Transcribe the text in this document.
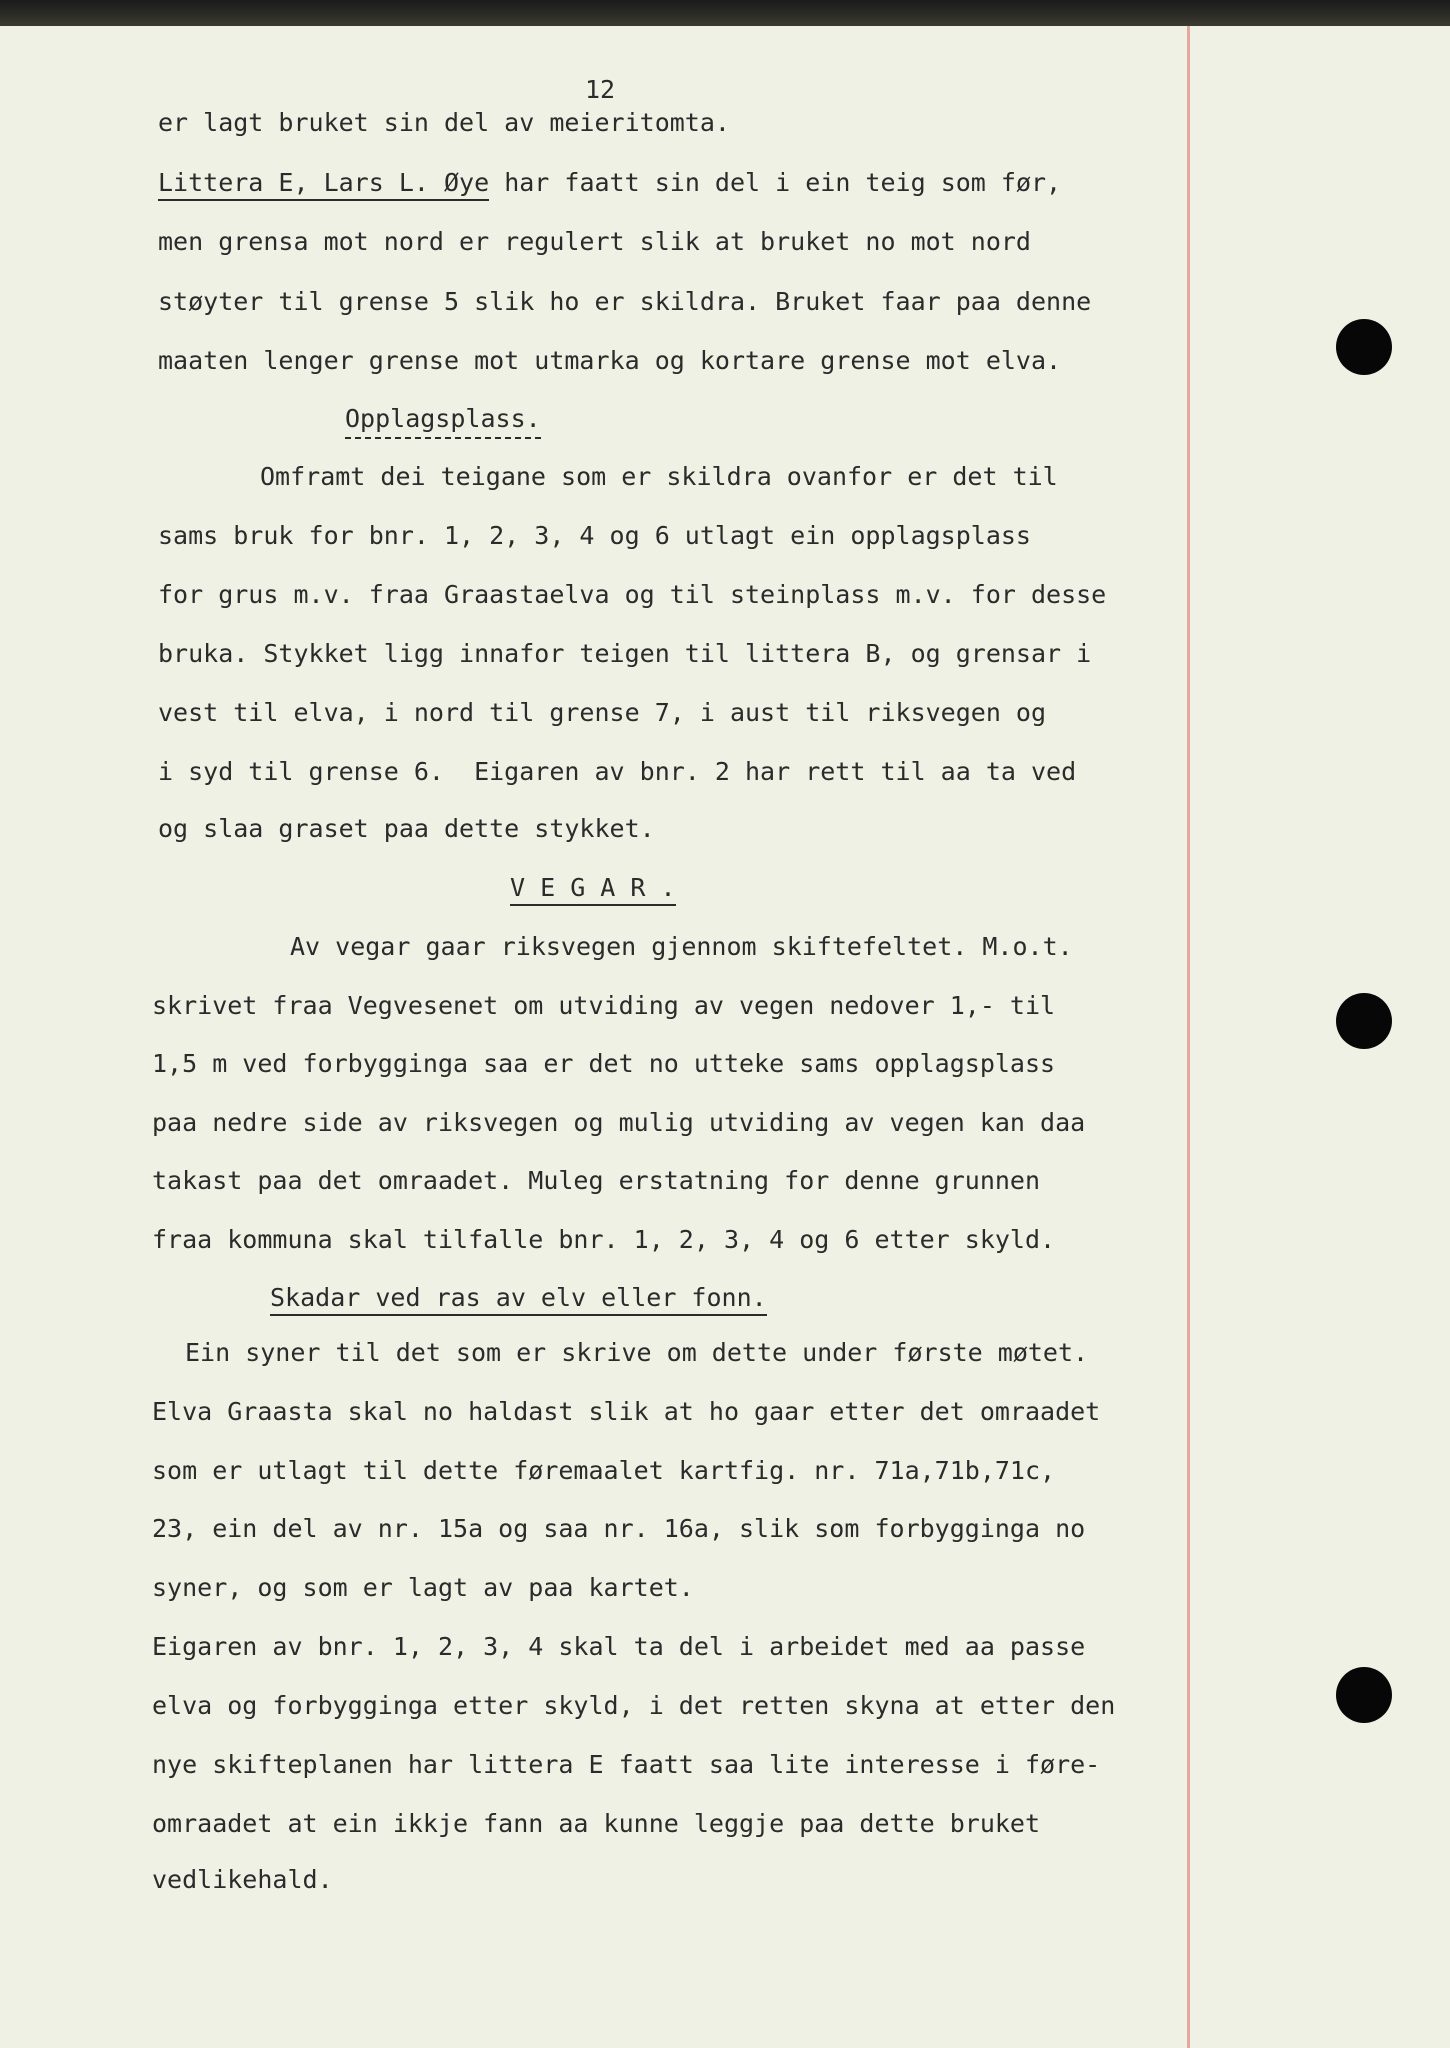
12
er lagt bruket sin del av meieritomta.
Littera E, Lars L. Øye har faatt sin del i ein teig som før,
men grensa mot nord er regulert slik at bruket no mot nord
støyter til grense 5 slik ho er skildra. Bruket faar paa denne
maaten lenger grense mot utmarka og kortare grense mot elva.
Opplagsplass.
Omframt dei teigane som er skildra ovanfor er det til
sams bruk for bnr. 1, 2, 3, 4 og 6 utlagt ein opplagsplass
for grus m.v. fraa Graastaelva og til steinplass m.v. for desse
bruka. Stykket ligg innafor teigen til littera B, og grensar i
vest til elva, i nord til grense 7, i aust til riksvegen og
i syd til grense 6.  Eigaren av bnr. 2 har rett til aa ta ved
og slaa graset paa dette stykket.
V E G A R .
Av vegar gaar riksvegen gjennom skiftefeltet. M.o.t.
skrivet fraa Vegvesenet om utviding av vegen nedover 1,- til
1,5 m ved forbygginga saa er det no utteke sams opplagsplass
paa nedre side av riksvegen og mulig utviding av vegen kan daa
takast paa det omraadet. Muleg erstatning for denne grunnen
fraa kommuna skal tilfalle bnr. 1, 2, 3, 4 og 6 etter skyld.
Skadar ved ras av elv eller fonn.
Ein syner til det som er skrive om dette under første møtet.
Elva Graasta skal no haldast slik at ho gaar etter det omraadet
som er utlagt til dette føremaalet kartfig. nr. 71a,71b,71c,
23, ein del av nr. 15a og saa nr. 16a, slik som forbygginga no
syner, og som er lagt av paa kartet.
Eigaren av bnr. 1, 2, 3, 4 skal ta del i arbeidet med aa passe
elva og forbygginga etter skyld, i det retten skyna at etter den
nye skifteplanen har littera E faatt saa lite interesse i føre-
omraadet at ein ikkje fann aa kunne leggje paa dette bruket
vedlikehald.
